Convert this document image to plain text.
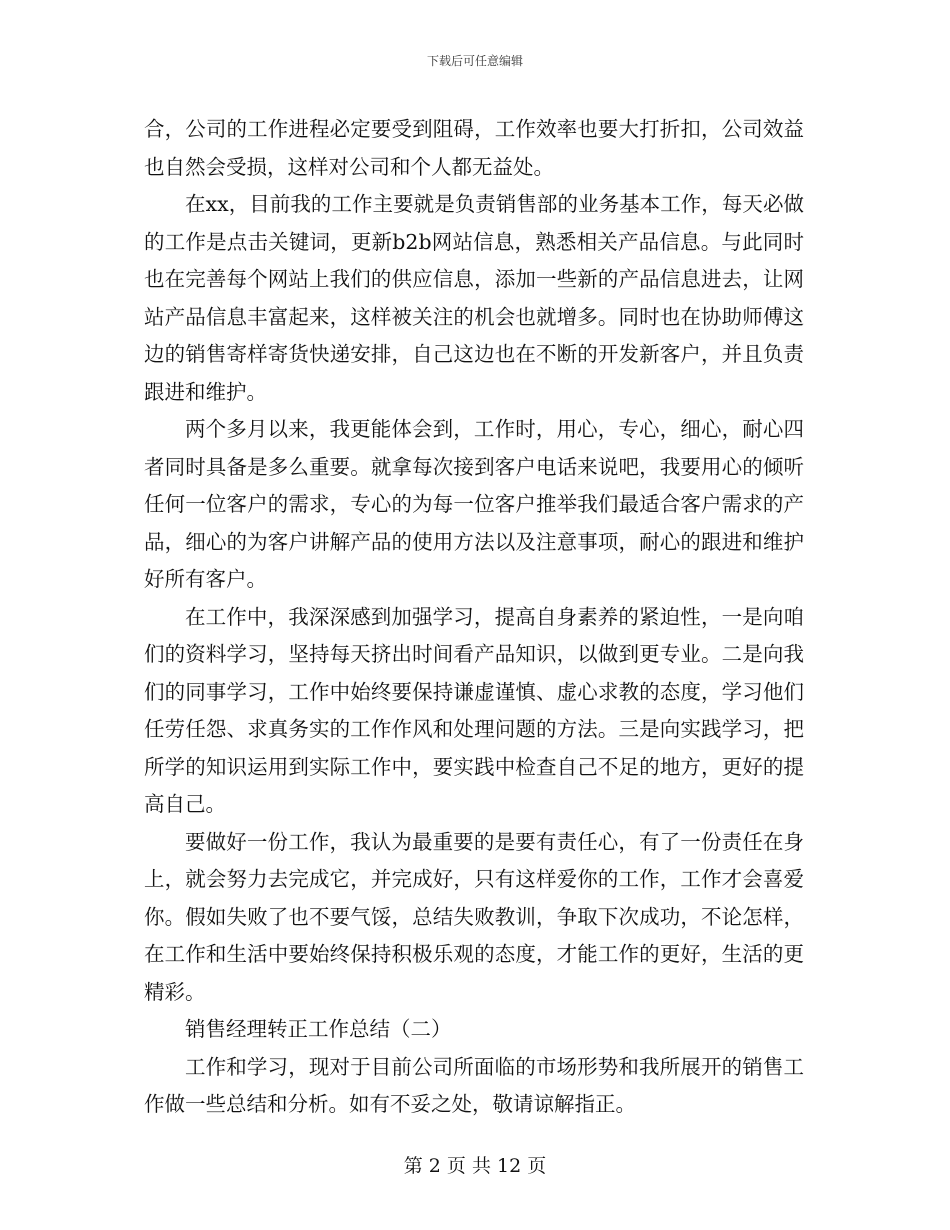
下载后可任意编辑

合，公司的工作进程必定要受到阻碍，工作效率也要大打折扣，公司效益也自然会受损，这样对公司和个人都无益处。

在xx，目前我的工作主要就是负责销售部的业务基本工作，每天必做的工作是点击关键词，更新b2b网站信息，熟悉相关产品信息。与此同时也在完善每个网站上我们的供应信息，添加一些新的产品信息进去，让网站产品信息丰富起来，这样被关注的机会也就增多。同时也在协助师傅这边的销售寄样寄货快递安排，自己这边也在不断的开发新客户，并且负责跟进和维护。

两个多月以来，我更能体会到，工作时，用心，专心，细心，耐心四者同时具备是多么重要。就拿每次接到客户电话来说吧，我要用心的倾听任何一位客户的需求，专心的为每一位客户推举我们最适合客户需求的产品，细心的为客户讲解产品的使用方法以及注意事项，耐心的跟进和维护好所有客户。

在工作中，我深深感到加强学习，提高自身素养的紧迫性，一是向咱们的资料学习，坚持每天挤出时间看产品知识，以做到更专业。二是向我们的同事学习，工作中始终要保持谦虚谨慎、虚心求教的态度，学习他们任劳任怨、求真务实的工作作风和处理问题的方法。三是向实践学习，把所学的知识运用到实际工作中，要实践中检查自己不足的地方，更好的提高自己。

要做好一份工作，我认为最重要的是要有责任心，有了一份责任在身上，就会努力去完成它，并完成好，只有这样爱你的工作，工作才会喜爱你。假如失败了也不要气馁，总结失败教训，争取下次成功，不论怎样，在工作和生活中要始终保持积极乐观的态度，才能工作的更好，生活的更精彩。

销售经理转正工作总结（二）

工作和学习，现对于目前公司所面临的市场形势和我所展开的销售工作做一些总结和分析。如有不妥之处，敬请谅解指正。

第 2 页 共 12 页
